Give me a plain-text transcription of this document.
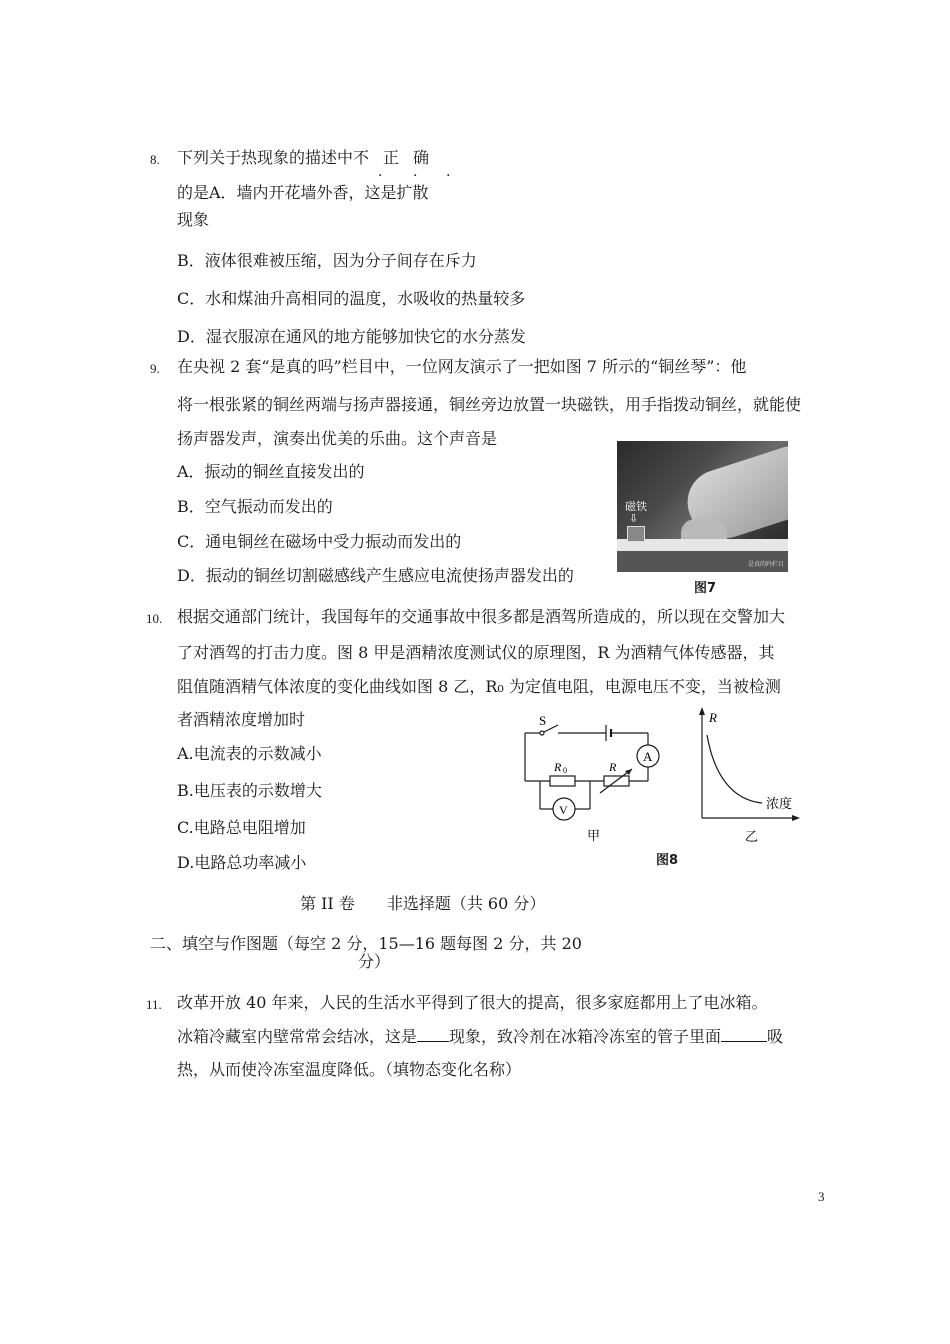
8. 下列关于热现象的描述中不 正 确
. . .
的是A．墙内开花墙外香，这是扩散
现象
B．液体很难被压缩，因为分子间存在斥力
C．水和煤油升高相同的温度，水吸收的热量较多
D．湿衣服凉在通风的地方能够加快它的水分蒸发
9. 在央视 2 套“是真的吗”栏目中，一位网友演示了一把如图 7 所示的“铜丝琴”：他
将一根张紧的铜丝两端与扬声器接通，铜丝旁边放置一块磁铁，用手指拨动铜丝，就能使
扬声器发声，演奏出优美的乐曲。这个声音是
A．振动的铜丝直接发出的
B．空气振动而发出的
C．通电铜丝在磁场中受力振动而发出的
D．振动的铜丝切割磁感线产生感应电流使扬声器发出的
磁铁
⇩
是真的吗栏目
图7
10. 根据交通部门统计，我国每年的交通事故中很多都是酒驾所造成的，所以现在交警加大
了对酒驾的打击力度。图 8 甲是酒精浓度测试仪的原理图，R 为酒精气体传感器，其
阻值随酒精气体浓度的变化曲线如图 8 乙，R₀ 为定值电阻，电源电压不变，当被检测
者酒精浓度增加时
A.电流表的示数减小
B.电压表的示数增大
C.电路总电阻增加
D.电路总功率减小
S
A
V
R 0	R
甲
R
浓度
乙
图8
第 II 卷　　非选择题（共 60 分）
二、填空与作图题（每空 2 分，15—16 题每图 2 分，共 20
分）
11. 改革开放 40 年来，人民的生活水平得到了很大的提高，很多家庭都用上了电冰箱。
冰箱冷藏室内壁常常会结冰，这是 现象，致冷剂在冰箱冷冻室的管子里面	吸
热，从而使冷冻室温度降低。（填物态变化名称）
3
